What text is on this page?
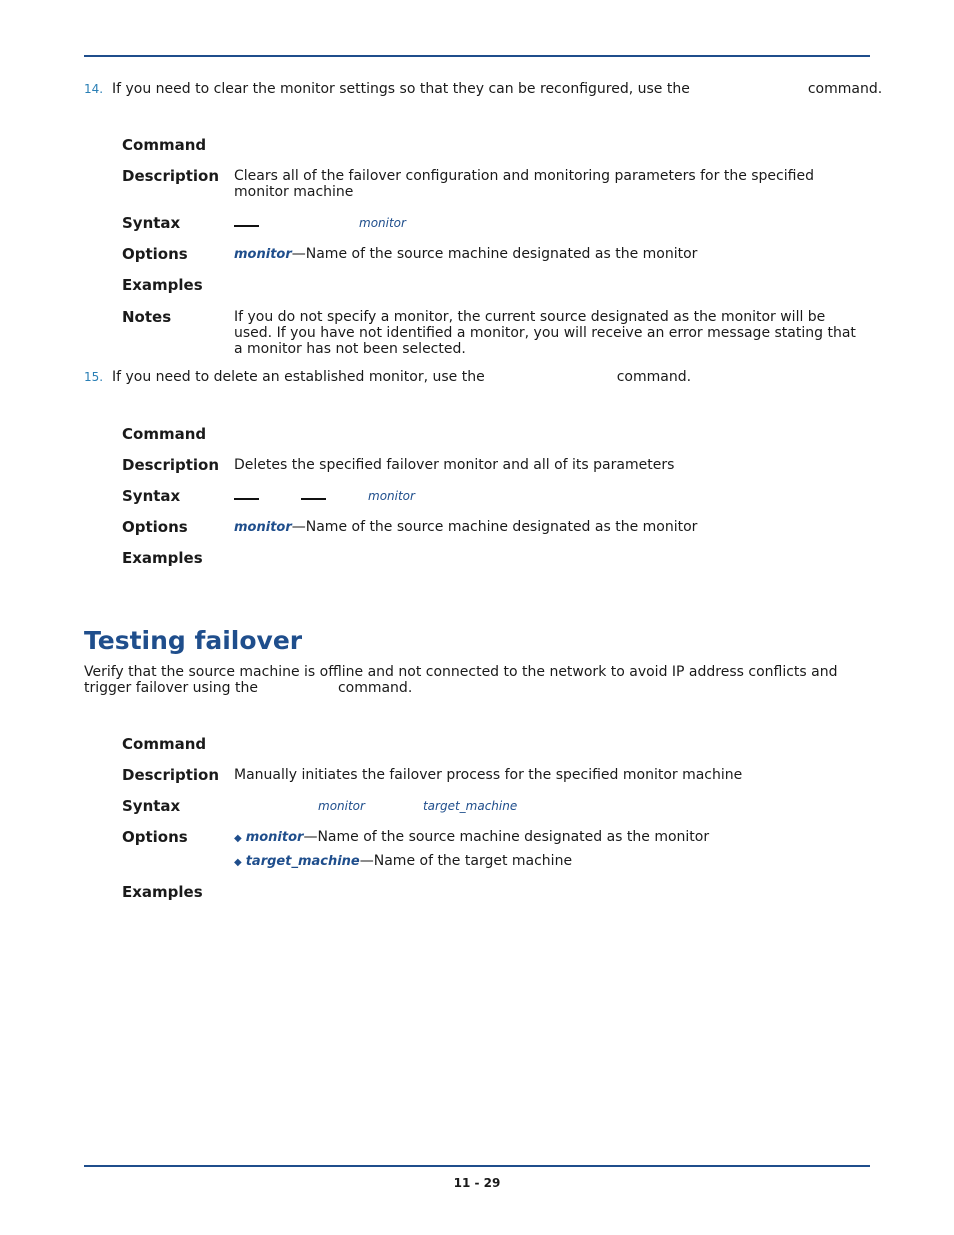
14. If you need to clear the monitor settings so that they can be reconfigured, use the	command.
Command
Description Clears all of the failover configuration and monitoring parameters for the specified monitor machine
Syntax	monitor
Options	monitor—Name of the source machine designated as the monitor
Examples
Notes	If you do not specify a monitor, the current source designated as the monitor will be used. If you have not identified a monitor, you will receive an error message stating that a monitor has not been selected.
15. If you need to delete an established monitor, use the	command.
Command
Description Deletes the specified failover monitor and all of its parameters
Syntax	monitor
Options	monitor—Name of the source machine designated as the monitor
Examples
Testing failover
Verify that the source machine is offline and not connected to the network to avoid IP address conflicts and trigger failover using the	command.
Command
Description Manually initiates the failover process for the specified monitor machine
Syntax	monitor	target_machine
Options	◆ monitor—Name of the source machine designated as the monitor
◆ target_machine—Name of the target machine
Examples
11 - 29
